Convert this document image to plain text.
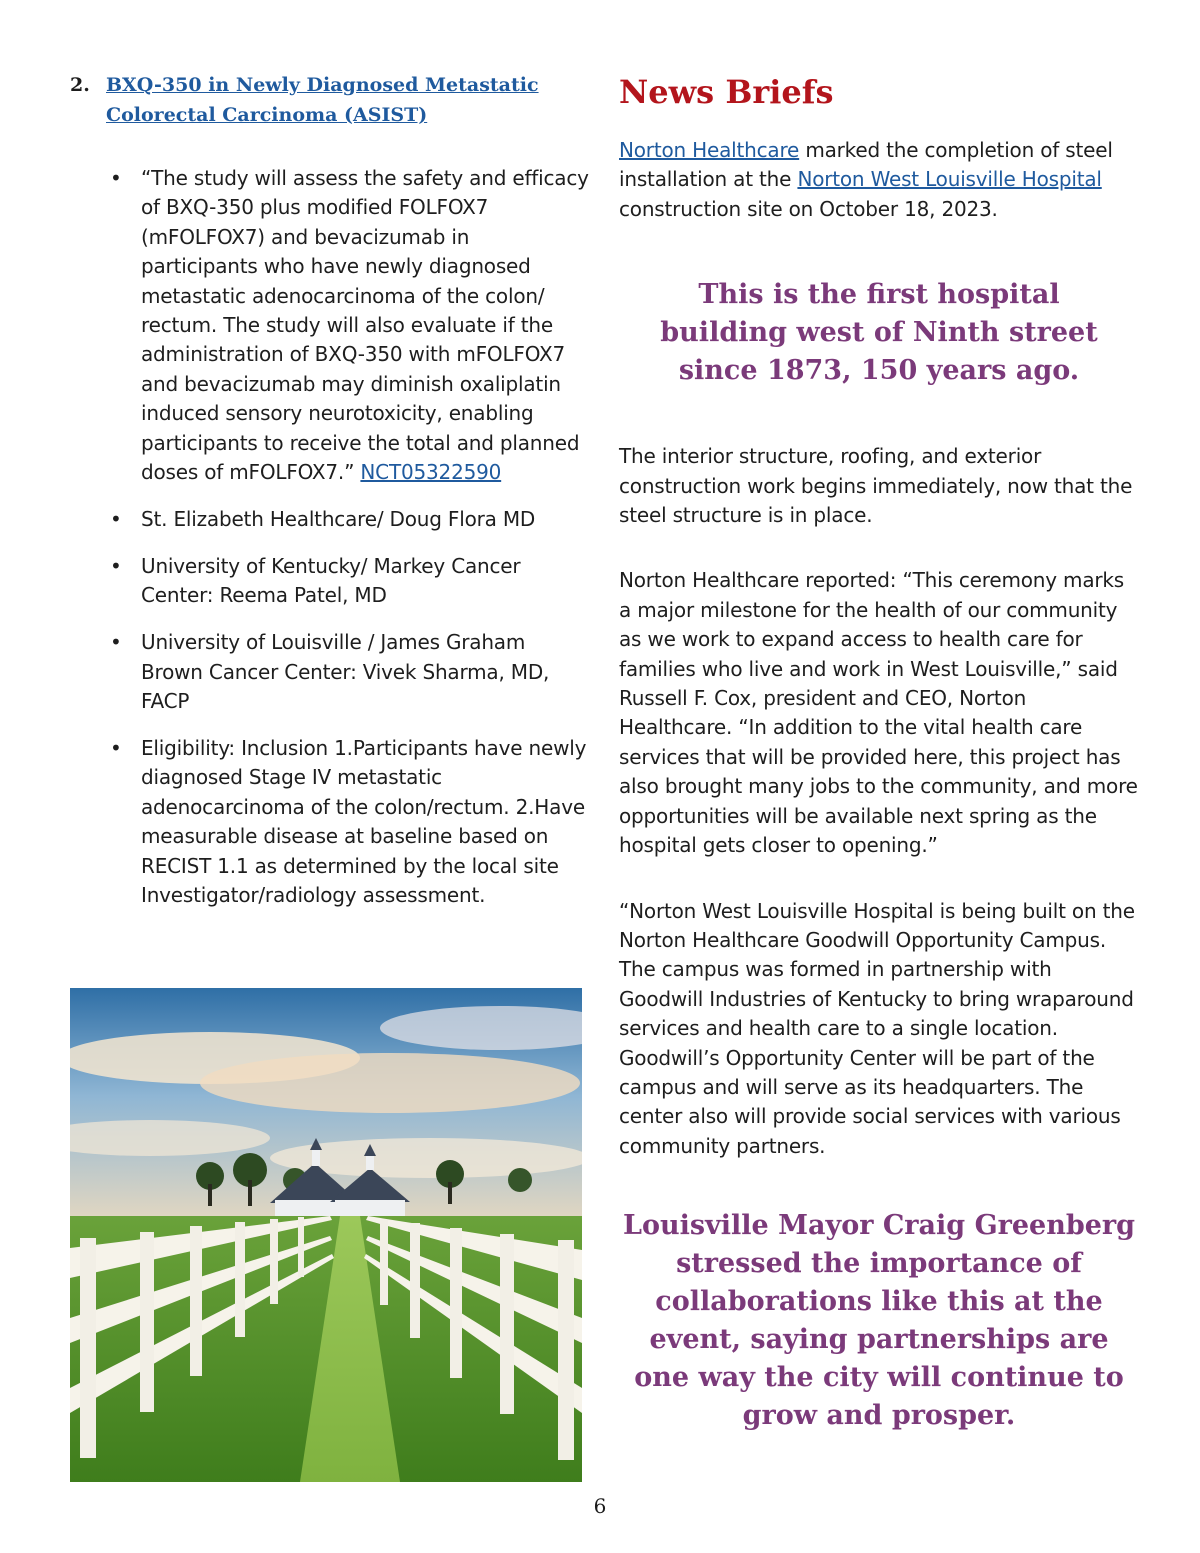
2. BXQ-350 in Newly Diagnosed Metastatic Colorectal Carcinoma (ASIST)
• “The study will assess the safety and efficacy of BXQ-350 plus modified FOLFOX7 (mFOLFOX7) and bevacizumab in participants who have newly diagnosed metastatic adenocarcinoma of the colon/ rectum. The study will also evaluate if the administration of BXQ-350 with mFOLFOX7 and bevacizumab may diminish oxaliplatin induced sensory neurotoxicity, enabling participants to receive the total and planned doses of mFOLFOX7.” NCT05322590
• St. Elizabeth Healthcare/ Doug Flora MD
• University of Kentucky/ Markey Cancer Center: Reema Patel, MD
• University of Louisville / James Graham Brown Cancer Center: Vivek Sharma, MD, FACP
• Eligibility: Inclusion 1.Participants have newly diagnosed Stage IV metastatic adenocarcinoma of the colon/rectum. 2.Have measurable disease at baseline based on RECIST 1.1 as determined by the local site Investigator/radiology assessment.
News Briefs

Norton Healthcare marked the completion of steel installation at the Norton West Louisville Hospital construction site on October 18, 2023.

This is the first hospital building west of Ninth street since 1873, 150 years ago.

The interior structure, roofing, and exterior construction work begins immediately, now that the steel structure is in place.

Norton Healthcare reported: “This ceremony marks a major milestone for the health of our community as we work to expand access to health care for families who live and work in West Louisville,” said Russell F. Cox, president and CEO, Norton Healthcare. “In addition to the vital health care services that will be provided here, this project has also brought many jobs to the community, and more opportunities will be available next spring as the hospital gets closer to opening.”

“Norton West Louisville Hospital is being built on the Norton Healthcare Goodwill Opportunity Campus. The campus was formed in partnership with Goodwill Industries of Kentucky to bring wraparound services and health care to a single location. Goodwill’s Opportunity Center will be part of the campus and will serve as its headquarters. The center also will provide social services with various community partners.

Louisville Mayor Craig Greenberg stressed the importance of collaborations like this at the event, saying partnerships are one way the city will continue to grow and prosper.

6
